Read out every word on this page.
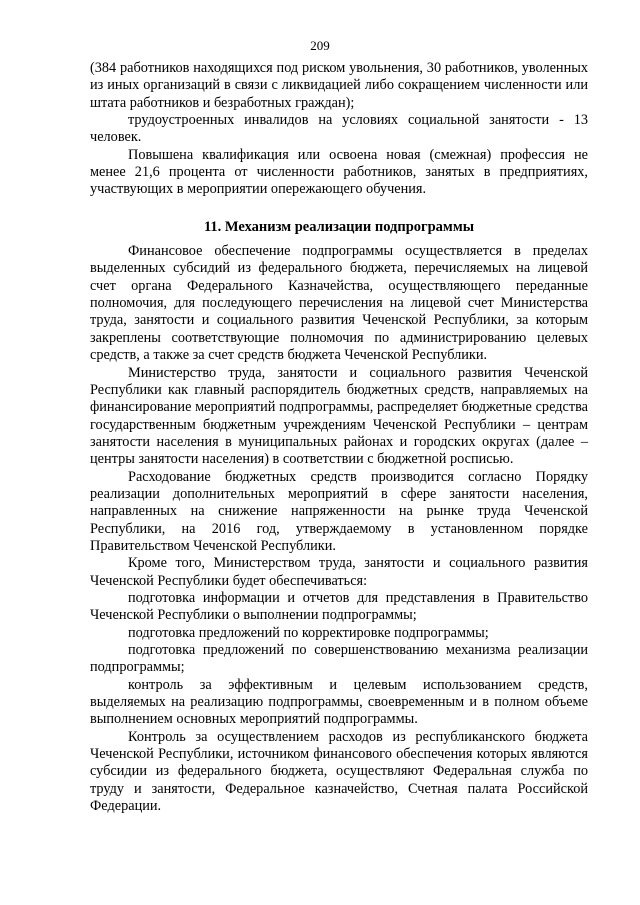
209

(384 работников находящихся под риском увольнения, 30 работников, уволенных из иных организаций в связи с ликвидацией либо сокращением численности или штата работников и безработных граждан);

трудоустроенных инвалидов на условиях социальной занятости - 13 человек.

Повышена квалификация или освоена новая (смежная) профессия не менее 21,6 процента от численности работников, занятых в предприятиях, участвующих в мероприятии опережающего обучения.

11. Механизм реализации подпрограммы

Финансовое обеспечение подпрограммы осуществляется в пределах выделенных субсидий из федерального бюджета, перечисляемых на лицевой счет органа Федерального Казначейства, осуществляющего переданные полномочия, для последующего перечисления на лицевой счет Министерства труда, занятости и социального развития Чеченской Республики, за которым закреплены соответствующие полномочия по администрированию целевых средств, а также за счет средств бюджета Чеченской Республики.

Министерство труда, занятости и социального развития Чеченской Республики как главный распорядитель бюджетных средств, направляемых на финансирование мероприятий подпрограммы, распределяет бюджетные средства государственным бюджетным учреждениям Чеченской Республики – центрам занятости населения в муниципальных районах и городских округах (далее – центры занятости населения) в соответствии с бюджетной росписью.

Расходование бюджетных средств производится согласно Порядку реализации дополнительных мероприятий в сфере занятости населения, направленных на снижение напряженности на рынке труда Чеченской Республики, на 2016 год, утверждаемому в установленном порядке Правительством Чеченской Республики.

Кроме того, Министерством труда, занятости и социального развития Чеченской Республики будет обеспечиваться:

подготовка информации и отчетов для представления в Правительство Чеченской Республики о выполнении подпрограммы;

подготовка предложений по корректировке подпрограммы;

подготовка предложений по совершенствованию механизма реализации подпрограммы;

контроль за эффективным и целевым использованием средств, выделяемых на реализацию подпрограммы, своевременным и в полном объеме выполнением основных мероприятий подпрограммы.

Контроль за осуществлением расходов из республиканского бюджета Чеченской Республики, источником финансового обеспечения которых являются субсидии из федерального бюджета, осуществляют Федеральная служба по труду и занятости, Федеральное казначейство, Счетная палата Российской Федерации.
